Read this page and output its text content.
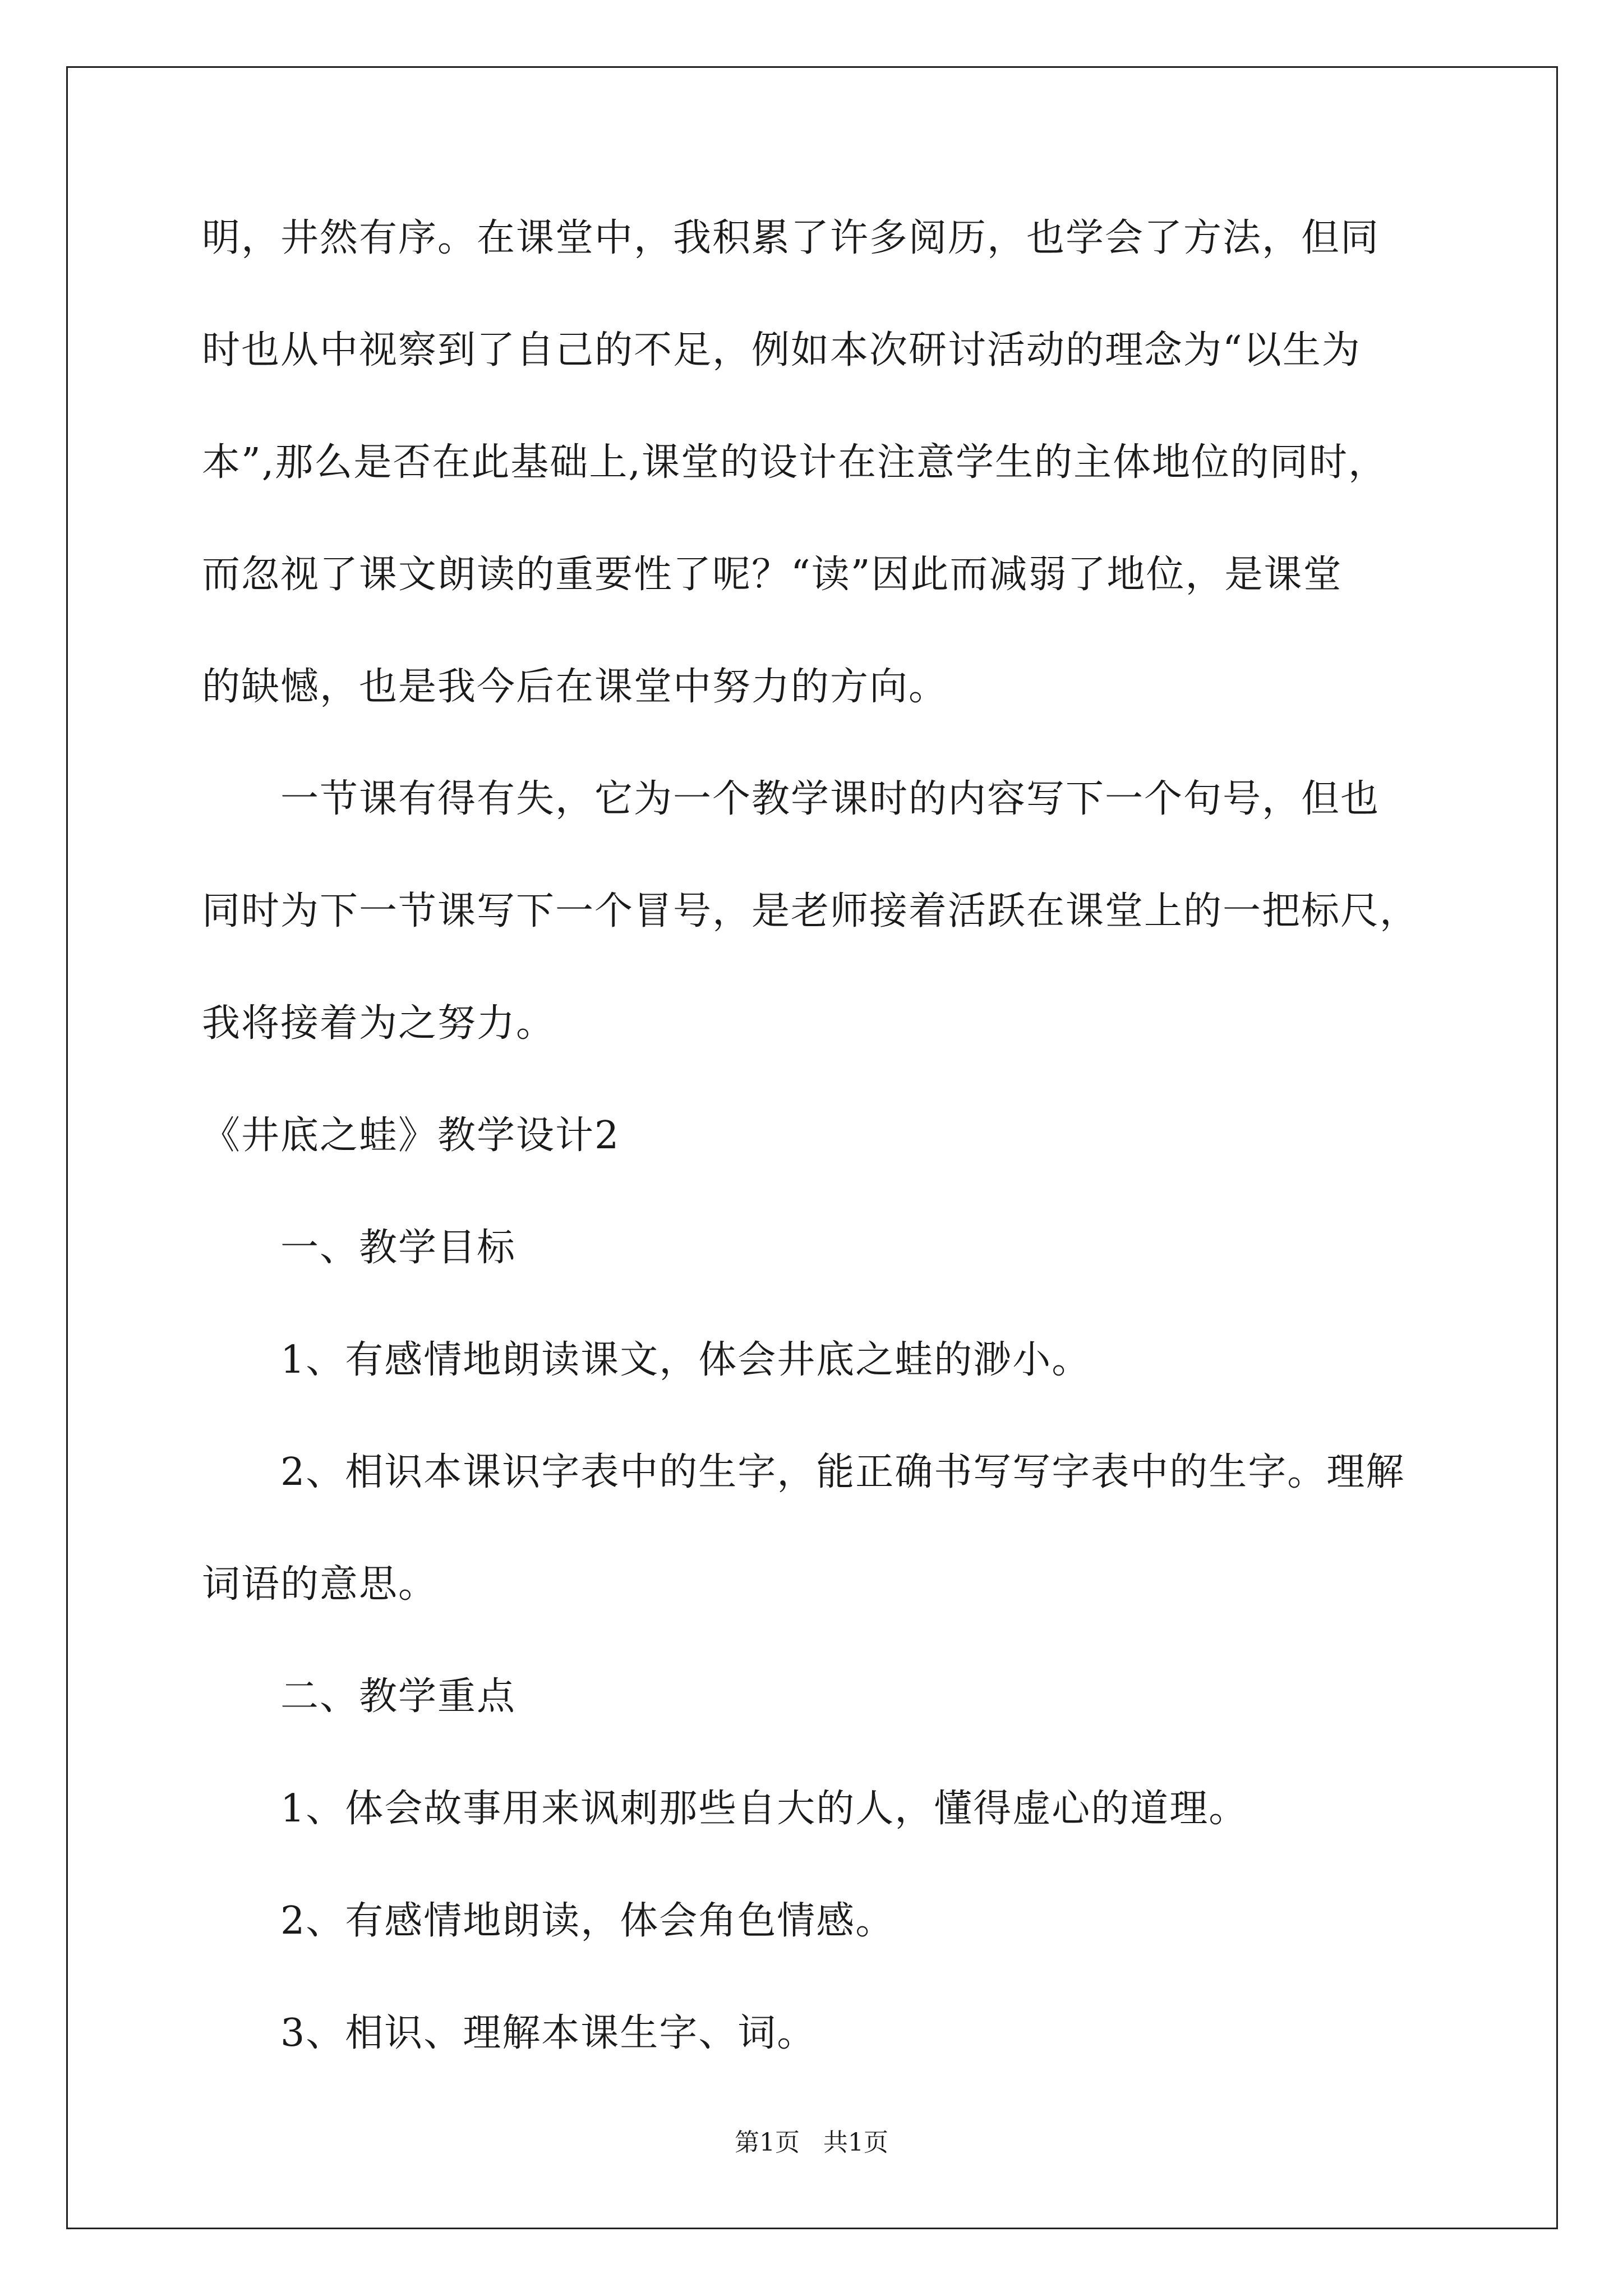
明，井然有序。在课堂中，我积累了许多阅历，也学会了方法，但同
时也从中视察到了自己的不足，例如本次研讨活动的理念为“以生为
本”,那么是否在此基础上,课堂的设计在注意学生的主体地位的同时，
而忽视了课文朗读的重要性了呢？“读”因此而减弱了地位，是课堂
的缺憾，也是我今后在课堂中努力的方向。
一节课有得有失，它为一个教学课时的内容写下一个句号，但也
同时为下一节课写下一个冒号，是老师接着活跃在课堂上的一把标尺，
我将接着为之努力。
《井底之蛙》教学设计2
一、教学目标
1、有感情地朗读课文，体会井底之蛙的渺小。
2、相识本课识字表中的生字，能正确书写写字表中的生字。理解
词语的意思。
二、教学重点
1、体会故事用来讽刺那些自大的人，懂得虚心的道理。
2、有感情地朗读，体会角色情感。
3、相识、理解本课生字、词。
第1页   共1页
